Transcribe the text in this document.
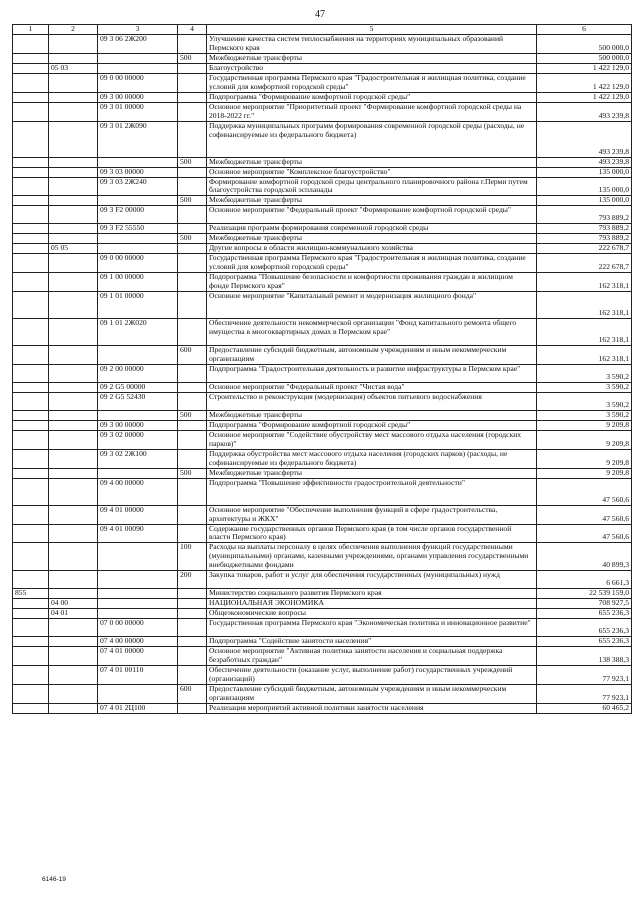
47
1	2	3	4	5	6
		09 3 06 2Ж200		Улучшение качества систем теплоснабжения на территориях муниципальных образований Пермского края	500 000,0
			500	Межбюджетные трансферты	500 000,0
	05 03			Благоустройство	1 422 129,0
		09 0 00 00000		Государственная программа Пермского края "Градостроительная и жилищная политика, создание условий для комфортной городской среды"	1 422 129,0
		09 3 00 00000		Подпрограмма "Формирование комфортной городской среды"	1 422 129,0
		09 3 01 00000		Основное мероприятие "Приоритетный проект "Формирование комфортной городской среды на 2018-2022 гг."	493 239,8
		09 3 01 2Ж090		Поддержка муниципальных программ формирования современной городской среды (расходы, не софинансируемые из федерального бюджета)	493 239,8
			500	Межбюджетные трансферты	493 239,8
		09 3 03 00000		Основное мероприятие "Комплексное благоустройство"	135 000,0
		09 3 03 2Ж240		Формирование комфортной городской среды центрального планировочного района г.Перми путем благоустройства городской эспланады	135 000,0
			500	Межбюджетные трансферты	135 000,0
		09 3 F2 00000		Основное мероприятие "Федеральный проект "Формирование комфортной городской среды"	793 889,2
		09 3 F2 55550		Реализация программ формирования современной городской среды	793 889,2
			500	Межбюджетные трансферты	793 889,2
	05 05			Другие вопросы в области жилищно-коммунального хозяйства	222 678,7
		09 0 00 00000		Государственная программа Пермского края "Градостроительная и жилищная политика, создание условий для комфортной городской среды"	222 678,7
		09 1 00 00000		Подпрограмма "Повышение безопасности и комфортности проживания граждан в жилищном фонде Пермского края"	162 318,1
		09 1 01 00000		Основное мероприятие "Капитальный ремонт и модернизация жилищного фонда"	162 318,1
		09 1 01 2Ж020		Обеспечение деятельности некоммерческой организации "Фонд капитального ремонта общего имущества в многоквартирных домах в Пермском крае"	162 318,1
			600	Предоставление субсидий бюджетным, автономным учреждениям и иным некоммерческим организациям	162 318,1
		09 2 00 00000		Подпрограмма "Градостроительная деятельность и развитие инфраструктуры в Пермском крае"	3 590,2
		09 2 G5 00000		Основное мероприятие "Федеральный проект "Чистая вода"	3 590,2
		09 2 G5 52430		Строительство и реконструкция (модернизация) объектов питьевого водоснабжения	3 590,2
			500	Межбюджетные трансферты	3 590,2
		09 3 00 00000		Подпрограмма "Формирование комфортной городской среды"	9 209,8
		09 3 02 00000		Основное мероприятие "Содействие обустройству мест массового отдыха населения (городских парков)"	9 209,8
		09 3 02 2Ж100		Поддержка обустройства мест массового отдыха населения (городских парков) (расходы, не софинансируемые из федерального бюджета)	9 209,8
			500	Межбюджетные трансферты	9 209,8
		09 4 00 00000		Подпрограмма "Повышение эффективности градостроительной деятельности"	47 560,6
		09 4 01 00000		Основное мероприятие "Обеспечение выполнения функций в сфере градостроительства, архитектуры и ЖКХ"	47 560,6
		09 4 01 00090		Содержание государственных органов Пермского края (в том числе органов государственной власти Пермского края)	47 560,6
			100	Расходы на выплаты персоналу в целях обеспечения выполнения функций государственными (муниципальными) органами, казенными учреждениями, органами управления государственными внебюджетными фондами	40 899,3
			200	Закупка товаров, работ и услуг для обеспечения государственных (муниципальных) нужд	6 661,3
855				Министерство социального развития Пермского края	22 539 159,0
	04 00			НАЦИОНАЛЬНАЯ ЭКОНОМИКА	708 927,5
	04 01			Общеэкономические вопросы	655 236,3
		07 0 00 00000		Государственная программа Пермского края "Экономическая политика и инновационное развитие"	655 236,3
		07 4 00 00000		Подпрограмма "Содействие занятости населения"	655 236,3
		07 4 01 00000		Основное мероприятие "Активная политика занятости населения и социальная поддержка безработных граждан"	138 388,3
		07 4 01 00110		Обеспечение деятельности (оказание услуг, выполнение работ) государственных учреждений (организаций)	77 923,1
			600	Предоставление субсидий бюджетным, автономным учреждениям и иным некоммерческим организациям	77 923,1
		07 4 01 2Ц100		Реализация мероприятий активной политики занятости населения	60 465,2
6146-19
